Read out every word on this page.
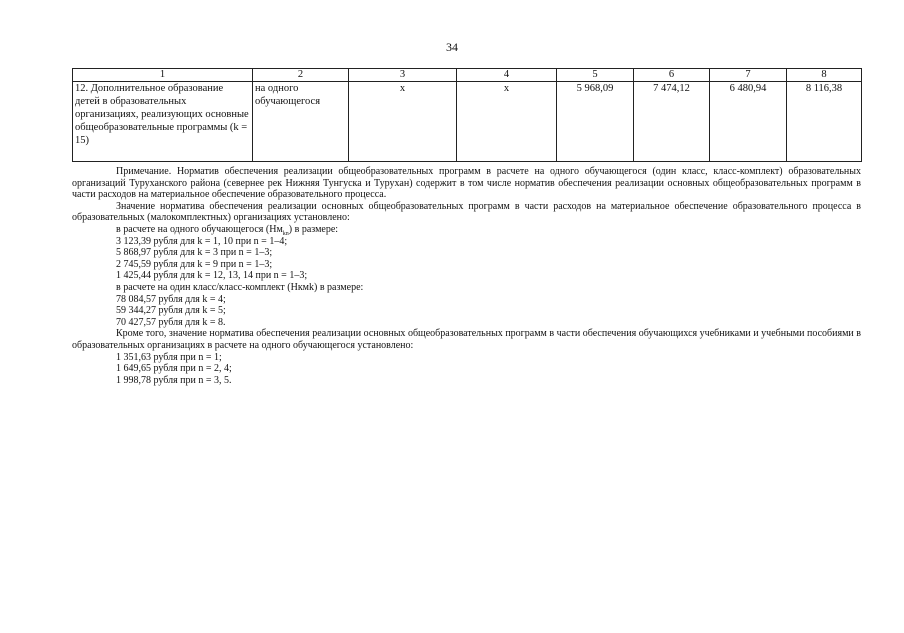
34
1	2	3	4	5	6	7	8
12. Дополнительное образование детей в образовательных организациях, реализующих основные общеобразовательные программы (k = 15)	на одного обучающегося	х	х	5 968,09	7 474,12	6 480,94	8 116,38

Примечание. Норматив обеспечения реализации общеобразовательных программ в расчете на одного обучающегося (один класс, класс-комплект) образовательных организаций Туруханского района (севернее рек Нижняя Тунгуска и Турухан) содержит в том числе норматив обеспечения реализации основных общеобразовательных программ в части расходов на материальное обеспечение образовательного процесса.

Значение норматива обеспечения реализации основных общеобразовательных программ в части расходов на материальное обеспечение образовательного процесса в образовательных (малокомплектных) организациях установлено:

в расчете на одного обучающегося $(Нм_{kn})$ в размере:

3 123,39 рубля для k = 1, 10 при n = 1–4;

5 868,97 рубля для k = 3 при n = 1–3;

2 745,59 рубля для k = 9 при n = 1–3;

1 425,44 рубля для k = 12, 13, 14 при n = 1–3;

в расчете на один класс/класс-комплект (Нкмk) в размере:

78 084,57 рубля для k = 4;

59 344,27 рубля для k = 5;

70 427,57 рубля для k = 8.

Кроме того, значение норматива обеспечения реализации основных общеобразовательных программ в части обеспечения обучающихся учебниками и учебными пособиями в образовательных организациях в расчете на одного обучающегося установлено:

1 351,63 рубля при n = 1;

1 649,65 рубля при n = 2, 4;

1 998,78 рубля при n = 3, 5.
